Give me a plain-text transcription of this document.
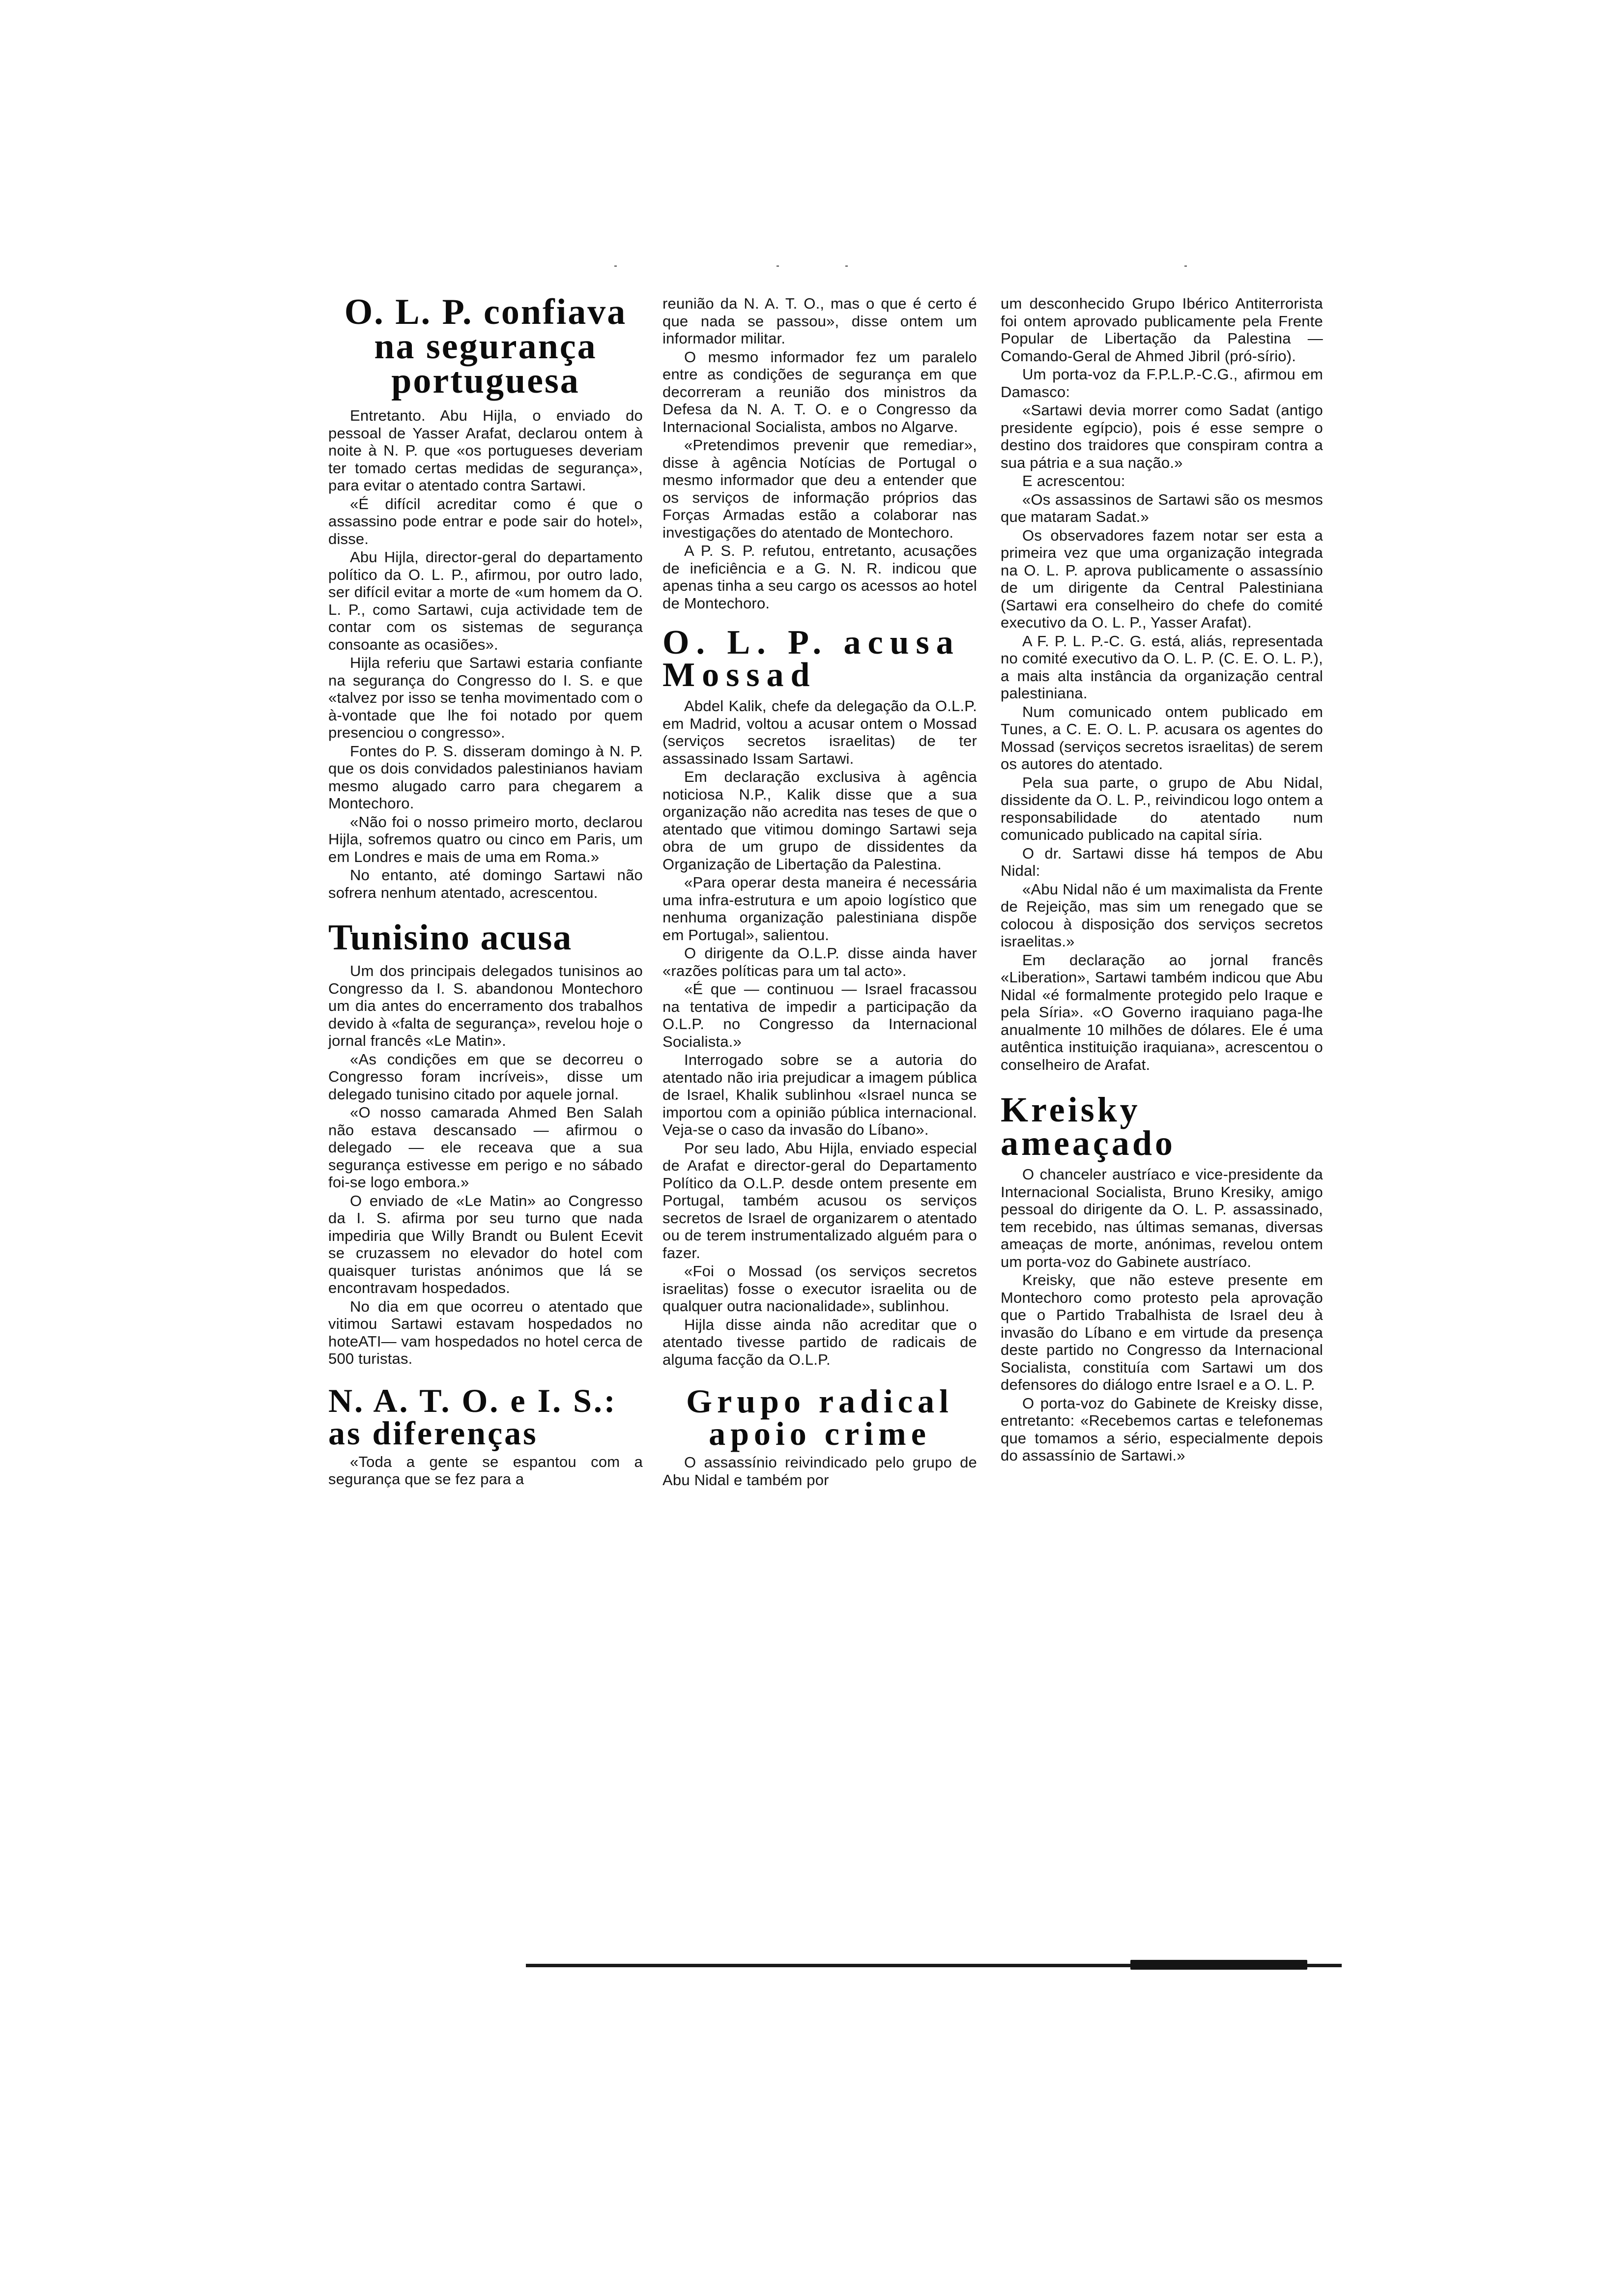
O. L. P. confiava na segurança portuguesa

Entretanto. Abu Hijla, o enviado do pessoal de Yasser Arafat, declarou ontem à noite à N. P. que «os portugueses deveriam ter tomado certas medidas de segurança», para evitar o atentado contra Sartawi.

«É difícil acreditar como é que o assassino pode entrar e pode sair do hotel», disse.

Abu Hijla, director-geral do departamento político da O. L. P., afirmou, por outro lado, ser difícil evitar a morte de «um homem da O. L. P., como Sartawi, cuja actividade tem de contar com os sistemas de segurança consoante as ocasiões».

Hijla referiu que Sartawi estaria confiante na segurança do Congresso do I. S. e que «talvez por isso se tenha movimentado com o à-vontade que lhe foi notado por quem presenciou o congresso».

Fontes do P. S. disseram domingo à N. P. que os dois convidados palestinianos haviam mesmo alugado carro para chegarem a Montechoro.

«Não foi o nosso primeiro morto, declarou Hijla, sofremos quatro ou cinco em Paris, um em Londres e mais de uma em Roma.»

No entanto, até domingo Sartawi não sofrera nenhum atentado, acrescentou.

Tunisino acusa

Um dos principais delegados tunisinos ao Congresso da I. S. abandonou Montechoro um dia antes do encerramento dos trabalhos devido à «falta de segurança», revelou hoje o jornal francês «Le Matin».

«As condições em que se decorreu o Congresso foram incríveis», disse um delegado tunisino citado por aquele jornal.

«O nosso camarada Ahmed Ben Salah não estava descansado — afirmou o delegado — ele receava que a sua segurança estivesse em perigo e no sábado foi-se logo embora.»

O enviado de «Le Matin» ao Congresso da I. S. afirma por seu turno que nada impediria que Willy Brandt ou Bulent Ecevit se cruzassem no elevador do hotel com quaisquer turistas anónimos que lá se encontravam hospedados.

No dia em que ocorreu o atentado que vitimou Sartawi estavam hospedados no hoteATI— vam hospedados no hotel cerca de 500 turistas.

N. A. T. O. e I. S.: as diferenças

«Toda a gente se espantou com a segurança que se fez para a

reunião da N. A. T. O., mas o que é certo é que nada se passou», disse ontem um informador militar.

O mesmo informador fez um paralelo entre as condições de segurança em que decorreram a reunião dos ministros da Defesa da N. A. T. O. e o Congresso da Internacional Socialista, ambos no Algarve.

«Pretendimos prevenir que remediar», disse à agência Notícias de Portugal o mesmo informador que deu a entender que os serviços de informação próprios das Forças Armadas estão a colaborar nas investigações do atentado de Montechoro.

A P. S. P. refutou, entretanto, acusações de ineficiência e a G. N. R. indicou que apenas tinha a seu cargo os acessos ao hotel de Montechoro.

O. L. P. acusa Mossad

Abdel Kalik, chefe da delegação da O.L.P. em Madrid, voltou a acusar ontem o Mossad (serviços secretos israelitas) de ter assassinado Issam Sartawi.

Em declaração exclusiva à agência noticiosa N.P., Kalik disse que a sua organização não acredita nas teses de que o atentado que vitimou domingo Sartawi seja obra de um grupo de dissidentes da Organização de Libertação da Palestina.

«Para operar desta maneira é necessária uma infra-estrutura e um apoio logístico que nenhuma organização palestiniana dispõe em Portugal», salientou.

O dirigente da O.L.P. disse ainda haver «razões políticas para um tal acto».

«É que — continuou — Israel fracassou na tentativa de impedir a participação da O.L.P. no Congresso da Internacional Socialista.»

Interrogado sobre se a autoria do atentado não iria prejudicar a imagem pública de Israel, Khalik sublinhou «Israel nunca se importou com a opinião pública internacional. Veja-se o caso da invasão do Líbano».

Por seu lado, Abu Hijla, enviado especial de Arafat e director-geral do Departamento Político da O.L.P. desde ontem presente em Portugal, também acusou os serviços secretos de Israel de organizarem o atentado ou de terem instrumentalizado alguém para o fazer.

«Foi o Mossad (os serviços secretos israelitas) fosse o executor israelita ou de qualquer outra nacionalidade», sublinhou.

Hijla disse ainda não acreditar que o atentado tivesse partido de radicais de alguma facção da O.L.P.

Grupo radical apoio crime

O assassínio reivindicado pelo grupo de Abu Nidal e também por

um desconhecido Grupo Ibérico Antiterrorista foi ontem aprovado publicamente pela Frente Popular de Libertação da Palestina — Comando-Geral de Ahmed Jibril (pró-sírio).

Um porta-voz da F.P.L.P.-C.G., afirmou em Damasco:

«Sartawi devia morrer como Sadat (antigo presidente egípcio), pois é esse sempre o destino dos traidores que conspiram contra a sua pátria e a sua nação.»

E acrescentou:

«Os assassinos de Sartawi são os mesmos que mataram Sadat.»

Os observadores fazem notar ser esta a primeira vez que uma organização integrada na O. L. P. aprova publicamente o assassínio de um dirigente da Central Palestiniana (Sartawi era conselheiro do chefe do comité executivo da O. L. P., Yasser Arafat).

A F. P. L. P.-C. G. está, aliás, representada no comité executivo da O. L. P. (C. E. O. L. P.), a mais alta instância da organização central palestiniana.

Num comunicado ontem publicado em Tunes, a C. E. O. L. P. acusara os agentes do Mossad (serviços secretos israelitas) de serem os autores do atentado.

Pela sua parte, o grupo de Abu Nidal, dissidente da O. L. P., reivindicou logo ontem a responsabilidade do atentado num comunicado publicado na capital síria.

O dr. Sartawi disse há tempos de Abu Nidal:

«Abu Nidal não é um maximalista da Frente de Rejeição, mas sim um renegado que se colocou à disposição dos serviços secretos israelitas.»

Em declaração ao jornal francês «Liberation», Sartawi também indicou que Abu Nidal «é formalmente protegido pelo Iraque e pela Síria». «O Governo iraquiano paga-lhe anualmente 10 milhões de dólares. Ele é uma autêntica instituição iraquiana», acrescentou o conselheiro de Arafat.

Kreisky ameaçado

O chanceler austríaco e vice-presidente da Internacional Socialista, Bruno Kresiky, amigo pessoal do dirigente da O. L. P. assassinado, tem recebido, nas últimas semanas, diversas ameaças de morte, anónimas, revelou ontem um porta-voz do Gabinete austríaco.

Kreisky, que não esteve presente em Montechoro como protesto pela aprovação que o Partido Trabalhista de Israel deu à invasão do Líbano e em virtude da presença deste partido no Congresso da Internacional Socialista, constituía com Sartawi um dos defensores do diálogo entre Israel e a O. L. P.

O porta-voz do Gabinete de Kreisky disse, entretanto: «Recebemos cartas e telefonemas que tomamos a sério, especialmente depois do assassínio de Sartawi.»
